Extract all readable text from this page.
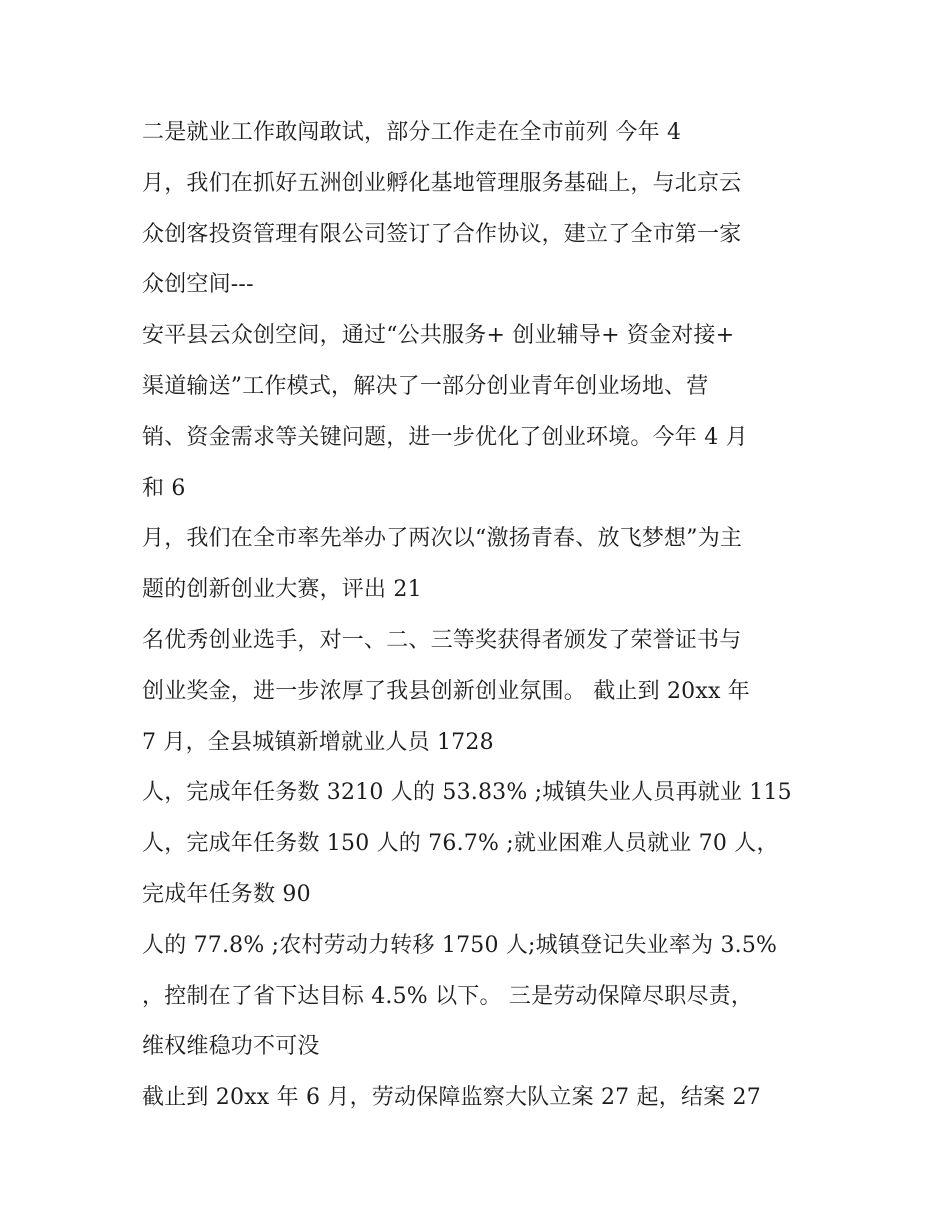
二是就业工作敢闯敢试，部分工作走在全市前列 今年 4
月，我们在抓好五洲创业孵化基地管理服务基础上，与北京云
众创客投资管理有限公司签订了合作协议，建立了全市第一家
众创空间---
安平县云众创空间，通过“公共服务+ 创业辅导+ 资金对接+
渠道输送”工作模式，解决了一部分创业青年创业场地、营
销、资金需求等关键问题，进一步优化了创业环境。今年 4 月
和 6
月，我们在全市率先举办了两次以“激扬青春、放飞梦想”为主
题的创新创业大赛，评出 21
名优秀创业选手，对一、二、三等奖获得者颁发了荣誉证书与
创业奖金，进一步浓厚了我县创新创业氛围。 截止到 20xx 年
7 月，全县城镇新增就业人员 1728
人，完成年任务数 3210 人的 53.83% ;城镇失业人员再就业 115
人，完成年任务数 150 人的 76.7% ;就业困难人员就业 70 人，
完成年任务数 90
人的 77.8% ;农村劳动力转移 1750 人;城镇登记失业率为 3.5%
，控制在了省下达目标 4.5% 以下。 三是劳动保障尽职尽责，
维权维稳功不可没
截止到 20xx 年 6 月，劳动保障监察大队立案 27 起，结案 27
